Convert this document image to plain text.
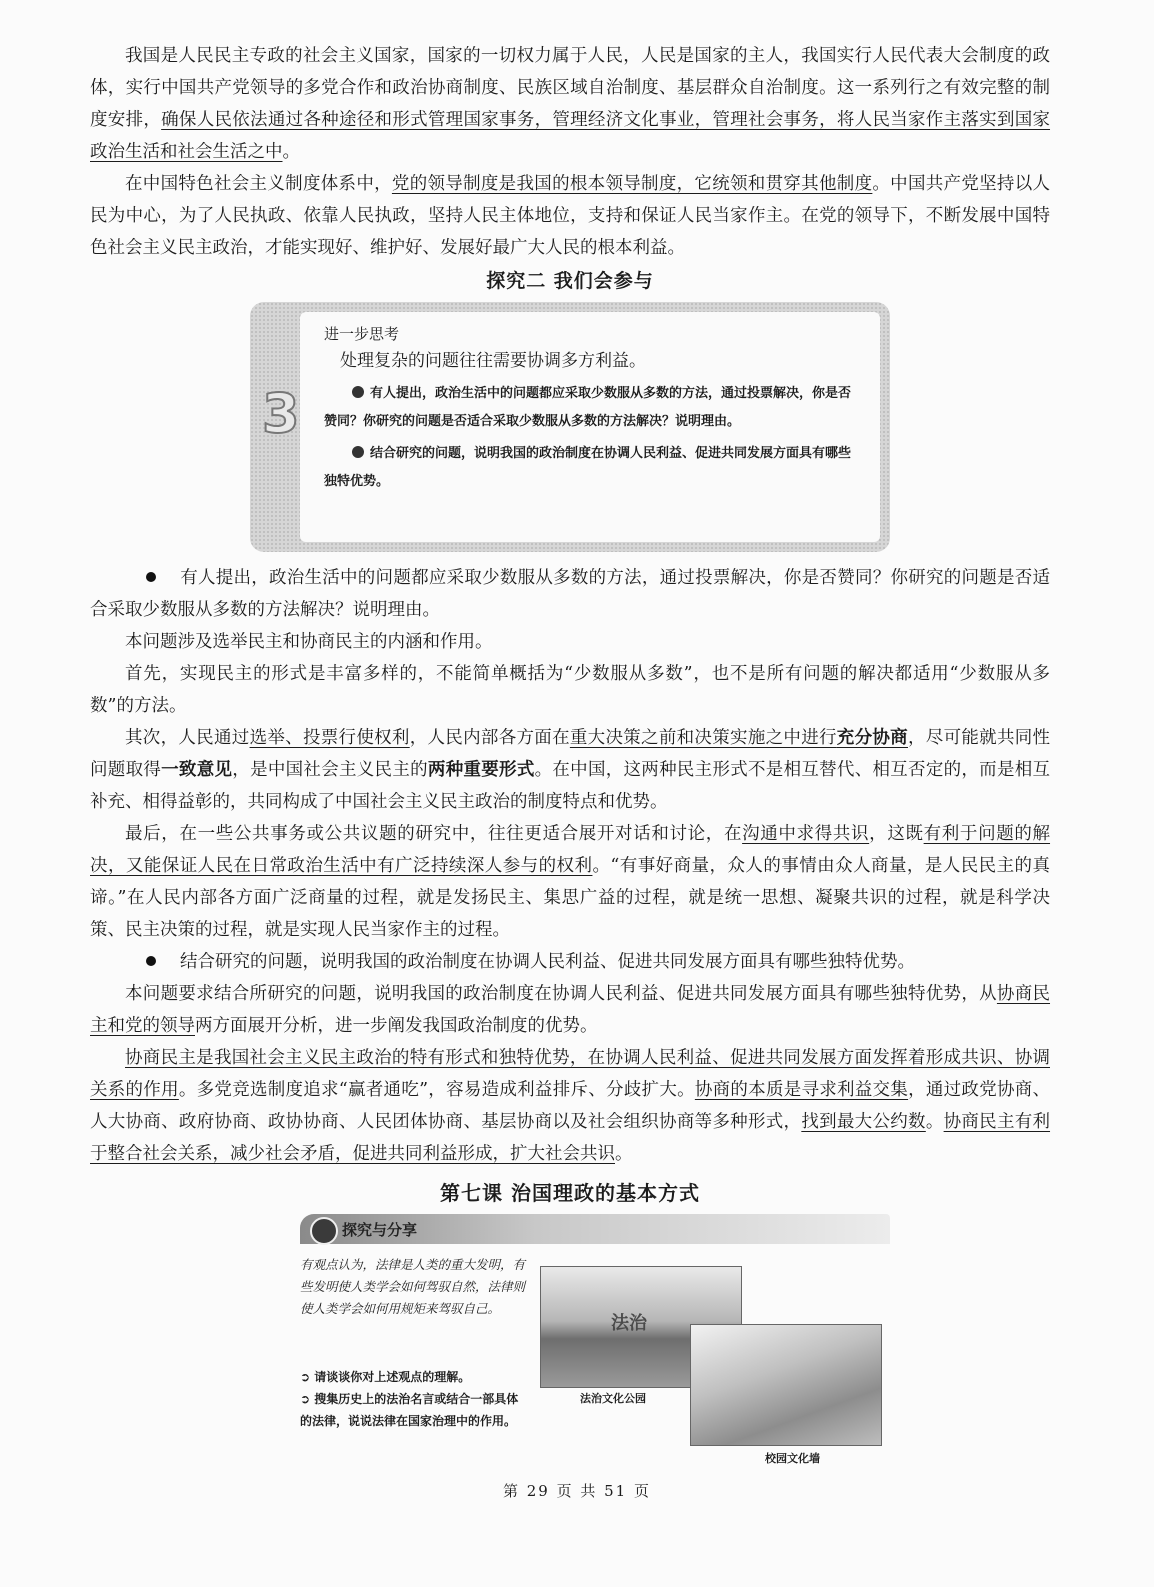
我国是人民民主专政的社会主义国家，国家的一切权力属于人民，人民是国家的主人，我国实行人民代表大会制度的政体，实行中国共产党领导的多党合作和政治协商制度、民族区域自治制度、基层群众自治制度。这一系列行之有效完整的制度安排，确保人民依法通过各种途径和形式管理国家事务，管理经济文化事业，管理社会事务，将人民当家作主落实到国家政治生活和社会生活之中。

在中国特色社会主义制度体系中，党的领导制度是我国的根本领导制度，它统领和贯穿其他制度。中国共产党坚持以人民为中心，为了人民执政、依靠人民执政，坚持人民主体地位，支持和保证人民当家作主。在党的领导下，不断发展中国特色社会主义民主政治，才能实现好、维护好、发展好最广大人民的根本利益。

探究二 我们会参与
3
进一步思考
处理复杂的问题往往需要协调多方利益。
有人提出，政治生活中的问题都应采取少数服从多数的方法，通过投票解决，你是否赞同？你研究的问题是否适合采取少数服从多数的方法解决？说明理由。
结合研究的问题，说明我国的政治制度在协调人民利益、促进共同发展方面具有哪些独特优势。

有人提出，政治生活中的问题都应采取少数服从多数的方法，通过投票解决，你是否赞同？你研究的问题是否适合采取少数服从多数的方法解决？说明理由。

本问题涉及选举民主和协商民主的内涵和作用。

首先，实现民主的形式是丰富多样的，不能简单概括为“少数服从多数”，也不是所有问题的解决都适用“少数服从多数”的方法。

其次，人民通过选举、投票行使权利，人民内部各方面在重大决策之前和决策实施之中进行充分协商，尽可能就共同性问题取得一致意见，是中国社会主义民主的两种重要形式。在中国，这两种民主形式不是相互替代、相互否定的，而是相互补充、相得益彰的，共同构成了中国社会主义民主政治的制度特点和优势。

最后，在一些公共事务或公共议题的研究中，往往更适合展开对话和讨论，在沟通中求得共识，这既有利于问题的解决，又能保证人民在日常政治生活中有广泛持续深人参与的权利。“有事好商量，众人的事情由众人商量，是人民民主的真谛。”在人民内部各方面广泛商量的过程，就是发扬民主、集思广益的过程，就是统一思想、凝聚共识的过程，就是科学决策、民主决策的过程，就是实现人民当家作主的过程。

结合研究的问题，说明我国的政治制度在协调人民利益、促进共同发展方面具有哪些独特优势。

本问题要求结合所研究的问题，说明我国的政治制度在协调人民利益、促进共同发展方面具有哪些独特优势，从协商民主和党的领导两方面展开分析，进一步阐发我国政治制度的优势。

协商民主是我国社会主义民主政治的特有形式和独特优势，在协调人民利益、促进共同发展方面发挥着形成共识、协调关系的作用。多党竞选制度追求“赢者通吃”，容易造成利益排斥、分歧扩大。协商的本质是寻求利益交集，通过政党协商、人大协商、政府协商、政协协商、人民团体协商、基层协商以及社会组织协商等多种形式，找到最大公约数。协商民主有利于整合社会关系，减少社会矛盾，促进共同利益形成，扩大社会共识。

第七课 治国理政的基本方式
探究与分享
有观点认为，法律是人类的重大发明，有些发明使人类学会如何驾驭自然，法律则使人类学会如何用规矩来驾驭自己。
➲ 请谈谈你对上述观点的理解。
➲ 搜集历史上的法治名言或结合一部具体的法律，说说法律在国家治理中的作用。
法治
法治文化公园
校园文化墙
第 29 页 共 51 页
